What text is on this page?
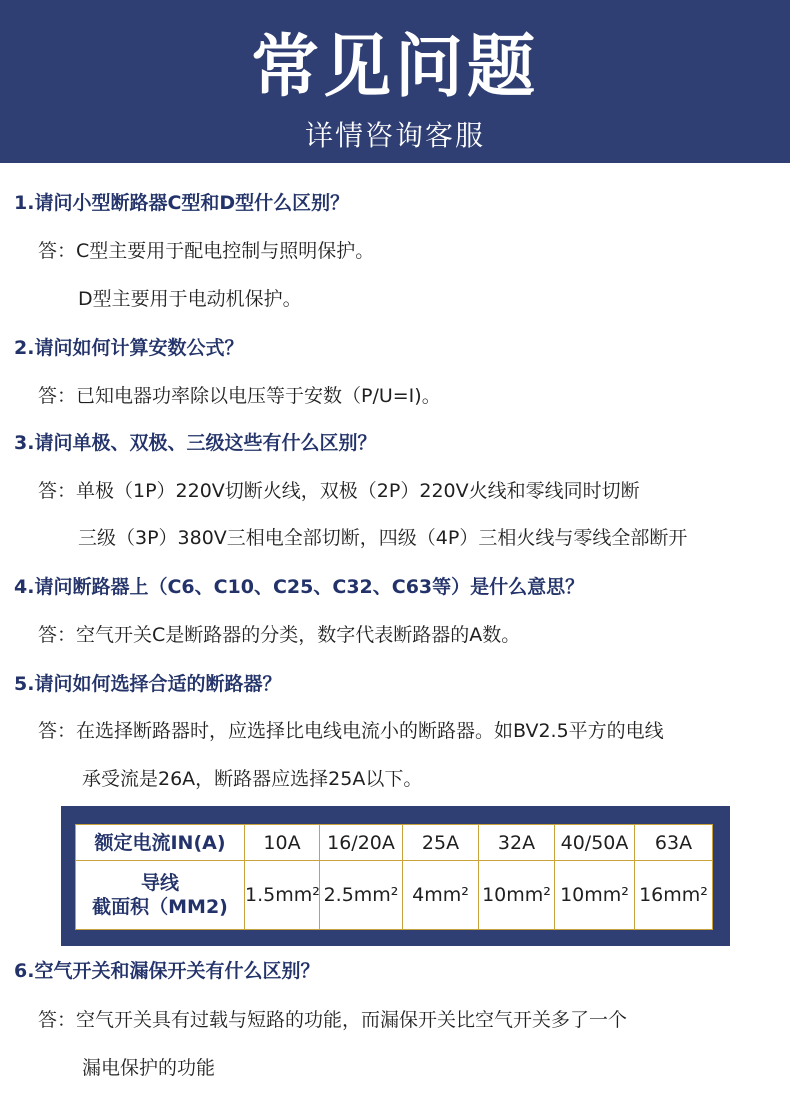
常见问题
详情咨询客服
1.请问小型断路器C型和D型什么区别？
答：C型主要用于配电控制与照明保护。
D型主要用于电动机保护。
2.请问如何计算安数公式？
答：已知电器功率除以电压等于安数（P/U=I)。
3.请问单极、双极、三级这些有什么区别？
答：单极（1P）220V切断火线，双极（2P）220V火线和零线同时切断
三级（3P）380V三相电全部切断，四级（4P）三相火线与零线全部断开
4.请问断路器上（C6、C10、C25、C32、C63等）是什么意思？
答：空气开关C是断路器的分类，数字代表断路器的A数。
5.请问如何选择合适的断路器？
答：在选择断路器时，应选择比电线电流小的断路器。如BV2.5平方的电线
承受流是26A，断路器应选择25A以下。
额定电流IN(A)	10A	16/20A	25A	32A	40/50A	63A

导线
截面积（MM2)	1.5mm²	2.5mm²	4mm²	10mm²	10mm²	16mm²
6.空气开关和漏保开关有什么区别？
答：空气开关具有过载与短路的功能，而漏保开关比空气开关多了一个
漏电保护的功能
